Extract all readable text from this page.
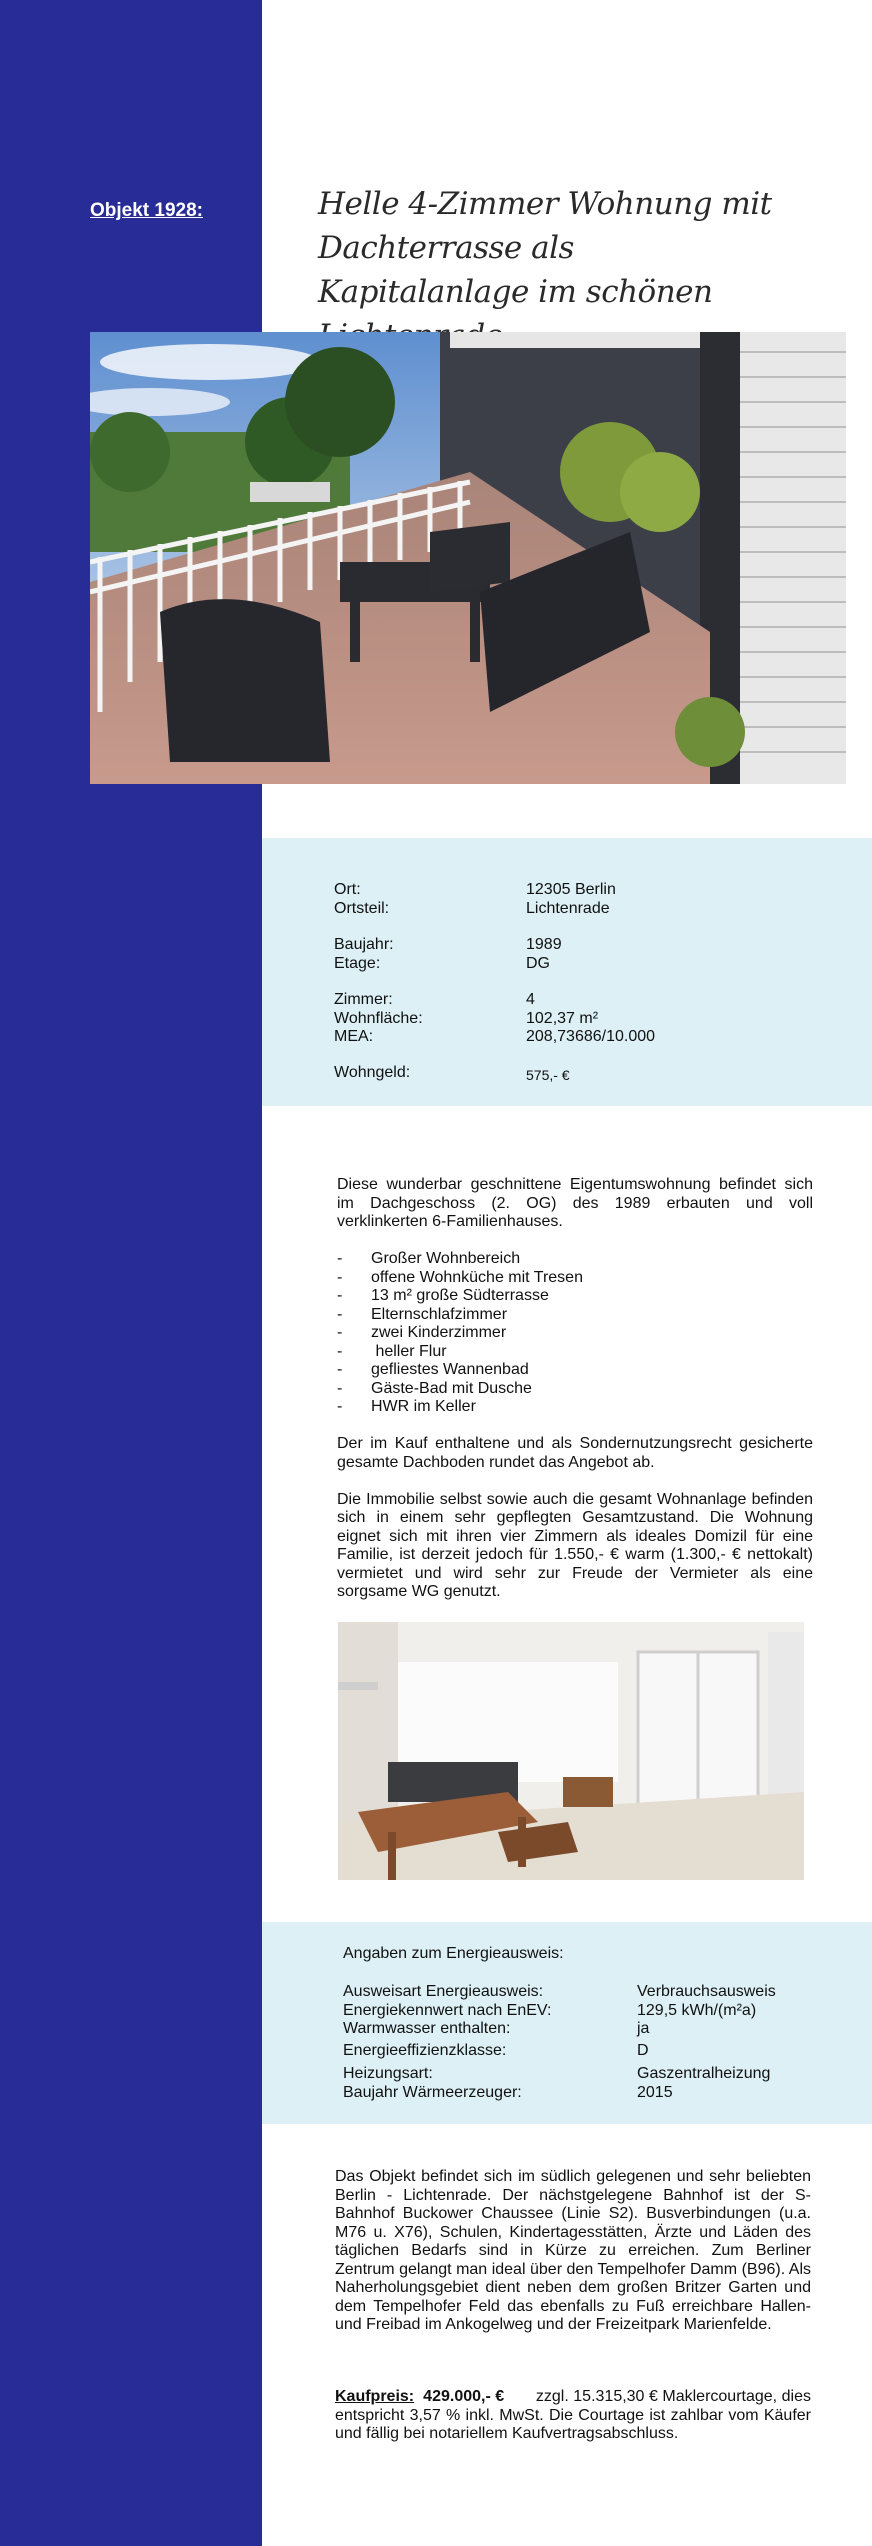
Objekt 1928:	Helle 4-Zimmer Wohnung mit Dachterrasse als
Kapitalanlage im schönen
Ort:	12305 Berlin
Ortsteil:	Lichtenrade
Baujahr:	1989
Etage:	DG
Zimmer:	4
Wohnfläche:	102,37 m²
MEA:	208,73686/10.000
Wohngeld:	575,- €

Diese wunderbar geschnittene Eigentumswohnung befindet sich im Dachgeschoss (2. OG) des 1989 erbauten und voll verklinkerten 6-Familienhauses.

- Großer Wohnbereich
- offene Wohnküche mit Tresen
- 13 m² große Südterrasse
- Elternschlafzimmer
- zwei Kinderzimmer
-  heller Flur
- gefliestes Wannenbad
- Gäste-Bad mit Dusche
- HWR im Keller

Der im Kauf enthaltene und als Sondernutzungsrecht gesicherte gesamte Dachboden rundet das Angebot ab.

Die Immobilie selbst sowie auch die gesamt Wohnanlage befinden sich in einem sehr gepflegten Gesamtzustand. Die Wohnung eignet sich mit ihren vier Zimmern als ideales Domizil für eine Familie, ist derzeit jedoch für 1.550,- € warm (1.300,- € nettokalt) vermietet und wird sehr zur Freude der Vermieter als eine sorgsame WG genutzt.

Angaben zum Energieausweis:
Ausweisart Energieausweis:	Verbrauchsausweis
Energiekennwert nach EnEV:	129,5 kWh/(m²a)
Warmwasser enthalten:	ja
Energieeffizienzklasse:	D
Heizungsart:	Gaszentralheizung
Baujahr Wärmeerzeuger:	2015
Das Objekt befindet sich im südlich gelegenen und sehr beliebten Berlin - Lichtenrade. Der nächstgelegene Bahnhof ist der S-Bahnhof Buckower Chaussee (Linie S2). Busverbindungen (u.a. M76 u. X76), Schulen, Kindertagesstätten, Ärzte und Läden des täglichen Bedarfs sind in Kürze zu erreichen. Zum Berliner Zentrum gelangt man ideal über den Tempelhofer Damm (B96). Als Naherholungsgebiet dient neben dem großen Britzer Garten und dem Tempelhofer Feld das ebenfalls zu Fuß erreichbare Hallen- und Freibad im Ankogelweg und der Freizeitpark Marienfelde.
Kaufpreis: 429.000,- € zzgl. 15.315,30 € Maklercourtage, dies entspricht 3,57 % inkl. MwSt. Die Courtage ist zahlbar vom Käufer und fällig bei notariellem Kaufvertragsabschluss.
